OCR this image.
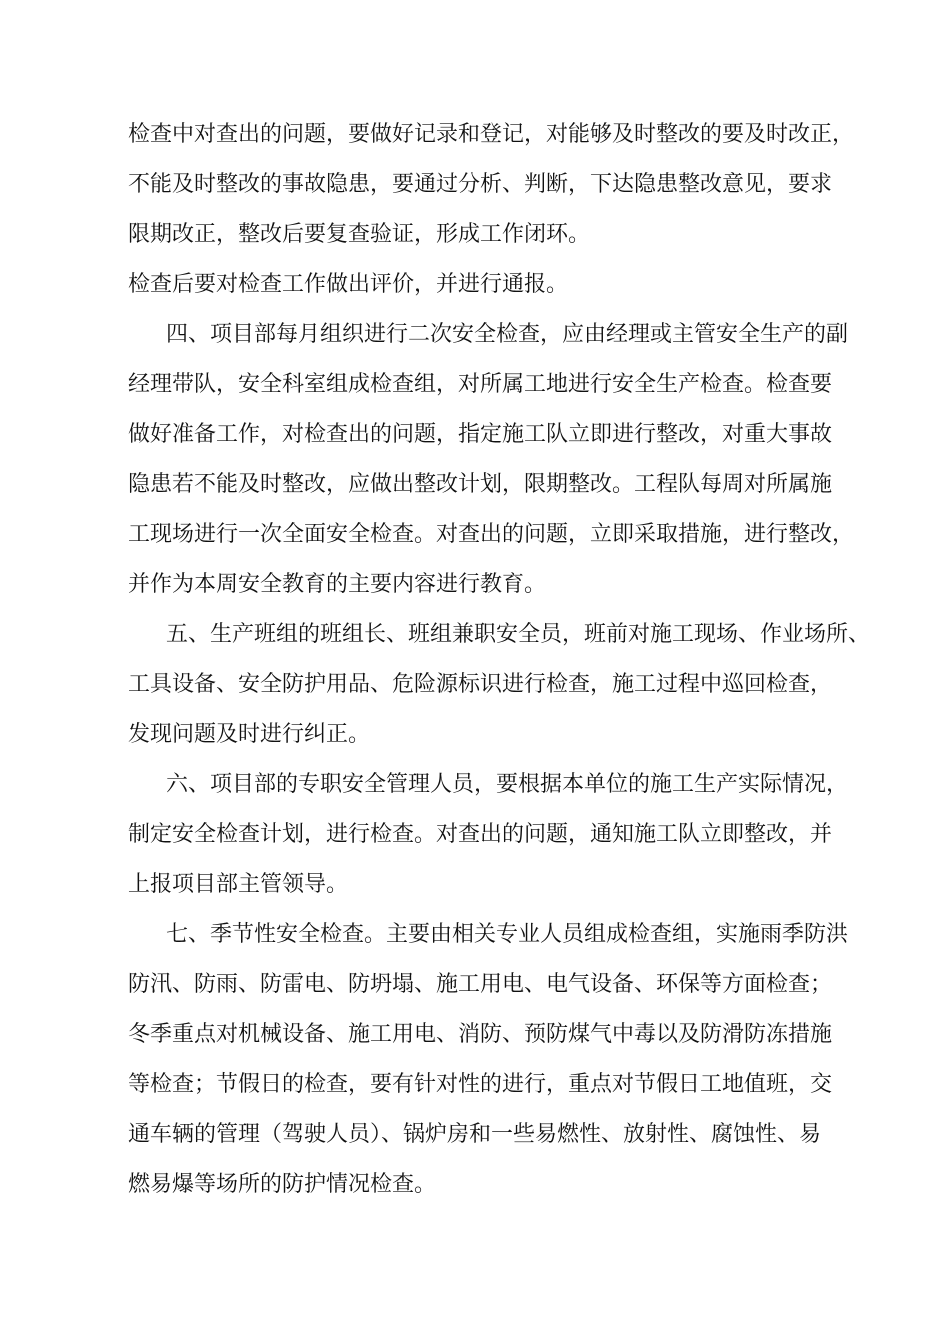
检查中对查出的问题，要做好记录和登记，对能够及时整改的要及时改正，
不能及时整改的事故隐患，要通过分析、判断，下达隐患整改意见，要求
限期改正，整改后要复查验证，形成工作闭环。
检查后要对检查工作做出评价，并进行通报。
四、项目部每月组织进行二次安全检查，应由经理或主管安全生产的副
经理带队，安全科室组成检查组，对所属工地进行安全生产检查。检查要
做好准备工作，对检查出的问题，指定施工队立即进行整改，对重大事故
隐患若不能及时整改，应做出整改计划，限期整改。工程队每周对所属施
工现场进行一次全面安全检查。对查出的问题，立即采取措施，进行整改，
并作为本周安全教育的主要内容进行教育。
五、生产班组的班组长、班组兼职安全员，班前对施工现场、作业场所、
工具设备、安全防护用品、危险源标识进行检查，施工过程中巡回检查，
发现问题及时进行纠正。
六、项目部的专职安全管理人员，要根据本单位的施工生产实际情况，
制定安全检查计划，进行检查。对查出的问题，通知施工队立即整改，并
上报项目部主管领导。
七、季节性安全检查。主要由相关专业人员组成检查组，实施雨季防洪
防汛、防雨、防雷电、防坍塌、施工用电、电气设备、环保等方面检查；
冬季重点对机械设备、施工用电、消防、预防煤气中毒以及防滑防冻措施
等检查；节假日的检查，要有针对性的进行，重点对节假日工地值班，交
通车辆的管理（驾驶人员）、锅炉房和一些易燃性、放射性、腐蚀性、易
燃易爆等场所的防护情况检查。
